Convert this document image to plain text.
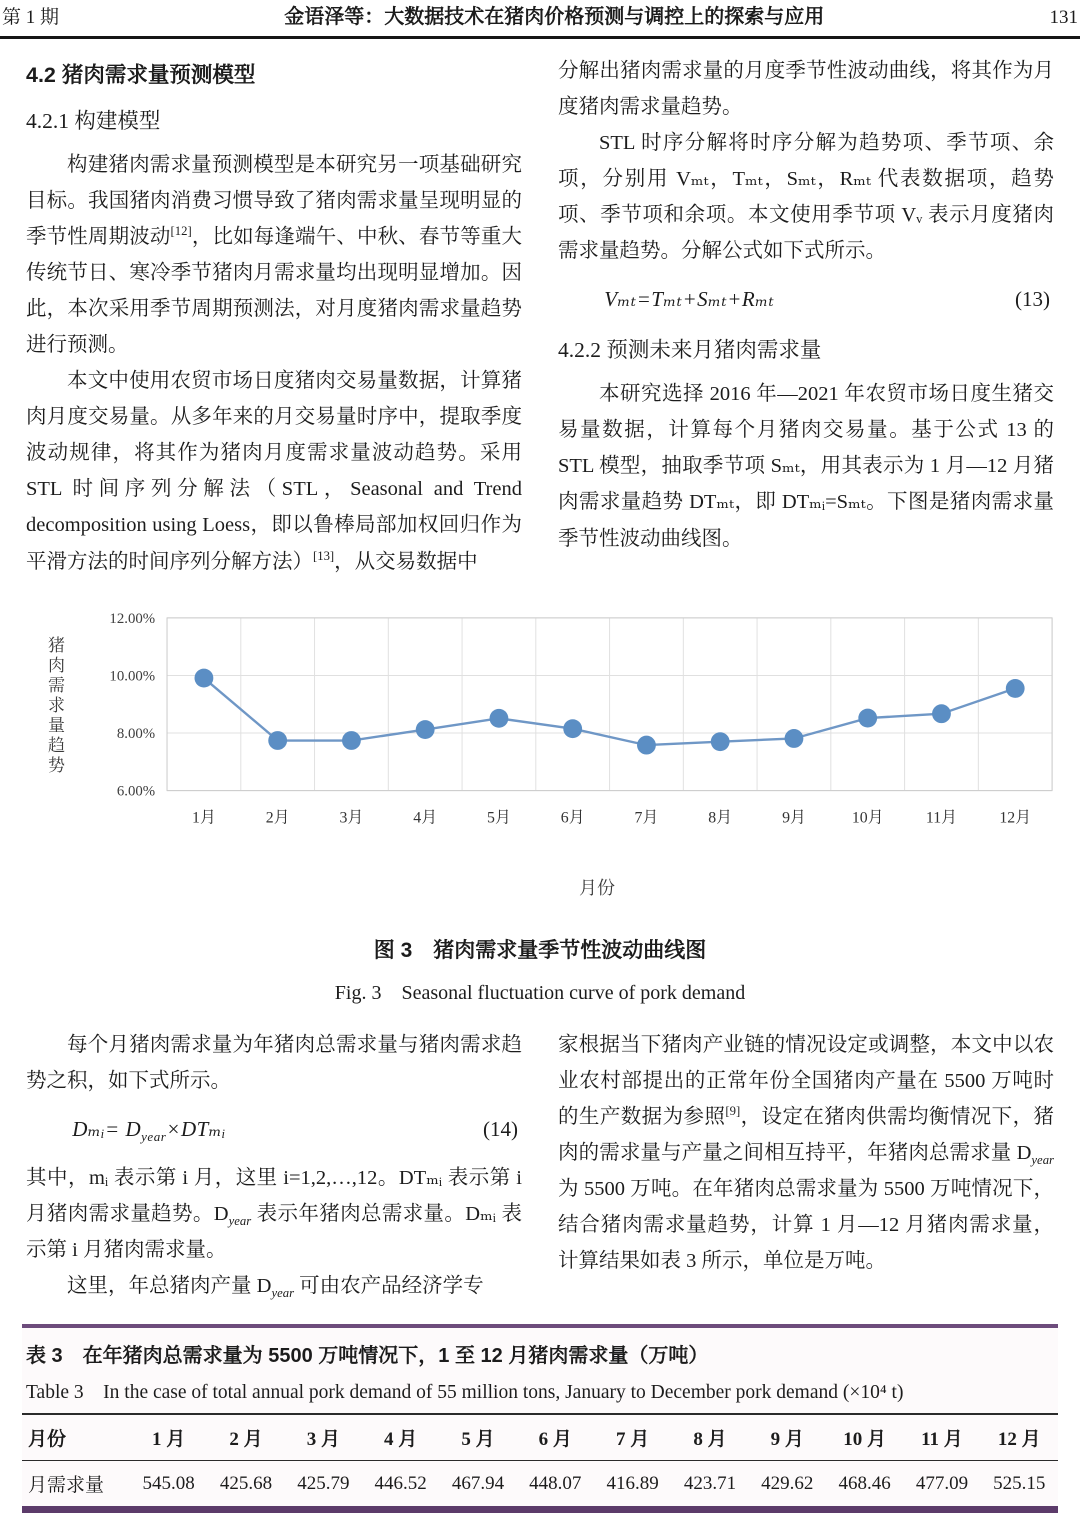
第 1 期	金语泽等：大数据技术在猪肉价格预测与调控上的探索与应用	131
4.2 猪肉需求量预测模型
4.2.1 构建模型

构建猪肉需求量预测模型是本研究另一项基础研究目标。我国猪肉消费习惯导致了猪肉需求量呈现明显的季节性周期波动[12]，比如每逢端午、中秋、春节等重大传统节日、寒冷季节猪肉月需求量均出现明显增加。因此，本次采用季节周期预测法，对月度猪肉需求量趋势进行预测。

本文中使用农贸市场日度猪肉交易量数据，计算猪肉月度交易量。从多年来的月交易量时序中，提取季度波动规律，将其作为猪肉月度需求量波动趋势。采用 STL 时间序列分解法（STL，Seasonal and Trend decomposition using Loess，即以鲁棒局部加权回归作为平滑方法的时间序列分解方法）[13]，从交易数据中

分解出猪肉需求量的月度季节性波动曲线，将其作为月度猪肉需求量趋势。

STL 时序分解将时序分解为趋势项、季节项、余项，分别用 Vₘₜ，Tₘₜ，Sₘₜ，Rₘₜ 代表数据项，趋势项、季节项和余项。本文使用季节项 Vᵥ 表示月度猪肉需求量趋势。分解公式如下式所示。

Vₘₜ=Tₘₜ+Sₘₜ+Rₘₜ	(13)
4.2.2 预测未来月猪肉需求量

本研究选择 2016 年—2021 年农贸市场日度生猪交易量数据，计算每个月猪肉交易量。基于公式 13 的 STL 模型，抽取季节项 Sₘₜ，用其表示为 1 月—12 月猪肉需求量趋势 DTₘₜ，即 DTₘᵢ=Sₘₜ。下图是猪肉需求量季节性波动曲线图。

猪肉需求量趋势
6.00%
8.00%
10.00%
12.00%
1月	2月	3月	4月	5月	6月	7月	8月	9月	10月	11月	12月
月份
图 3　猪肉需求量季节性波动曲线图
Fig. 3　Seasonal fluctuation curve of pork demand

每个月猪肉需求量为年猪肉总需求量与猪肉需求趋势之积，如下式所示。

Dₘᵢ= $D_{year}\times DT_mᵢ$	(14)

其中，mᵢ 表示第 i 月，这里 i=1,2,…,12。DTₘᵢ 表示第 i 月猪肉需求量趋势。$D_{year}$ 表示年猪肉总需求量。Dₘᵢ 表示第 i 月猪肉需求量。

这里，年总猪肉产量 $D_{year}$ 可由农产品经济学专

家根据当下猪肉产业链的情况设定或调整，本文中以农业农村部提出的正常年份全国猪肉产量在 5500 万吨时的生产数据为参照[9]，设定在猪肉供需均衡情况下，猪肉的需求量与产量之间相互持平，年猪肉总需求量 $D_{year}$ 为 5500 万吨。在年猪肉总需求量为 5500 万吨情况下，结合猪肉需求量趋势，计算 1 月—12 月猪肉需求量，计算结果如表 3 所示，单位是万吨。

表 3　在年猪肉总需求量为 5500 万吨情况下，1 至 12 月猪肉需求量（万吨）
Table 3　In the case of total annual pork demand of 55 million tons, January to December pork demand (×10⁴ t)
月份	1 月	2 月	3 月	4 月	5 月	6 月	7 月	8 月	9 月	10 月	11 月	12 月
月需求量	545.08	425.68	425.79	446.52	467.94	448.07	416.89	423.71	429.62	468.46	477.09	525.15
